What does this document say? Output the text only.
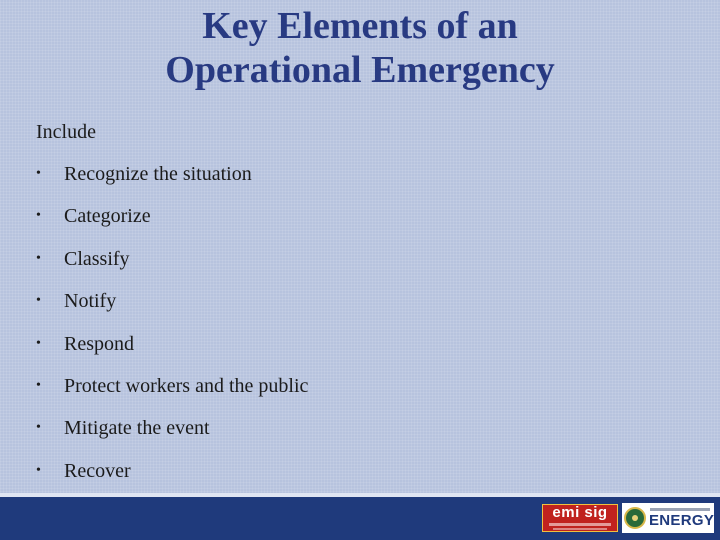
Key Elements of an
Operational Emergency
Include
• Recognize the situation
• Categorize
• Classify
• Notify
• Respond
• Protect workers and the public
• Mitigate the event
• Recover
emi sig	ENERGY
